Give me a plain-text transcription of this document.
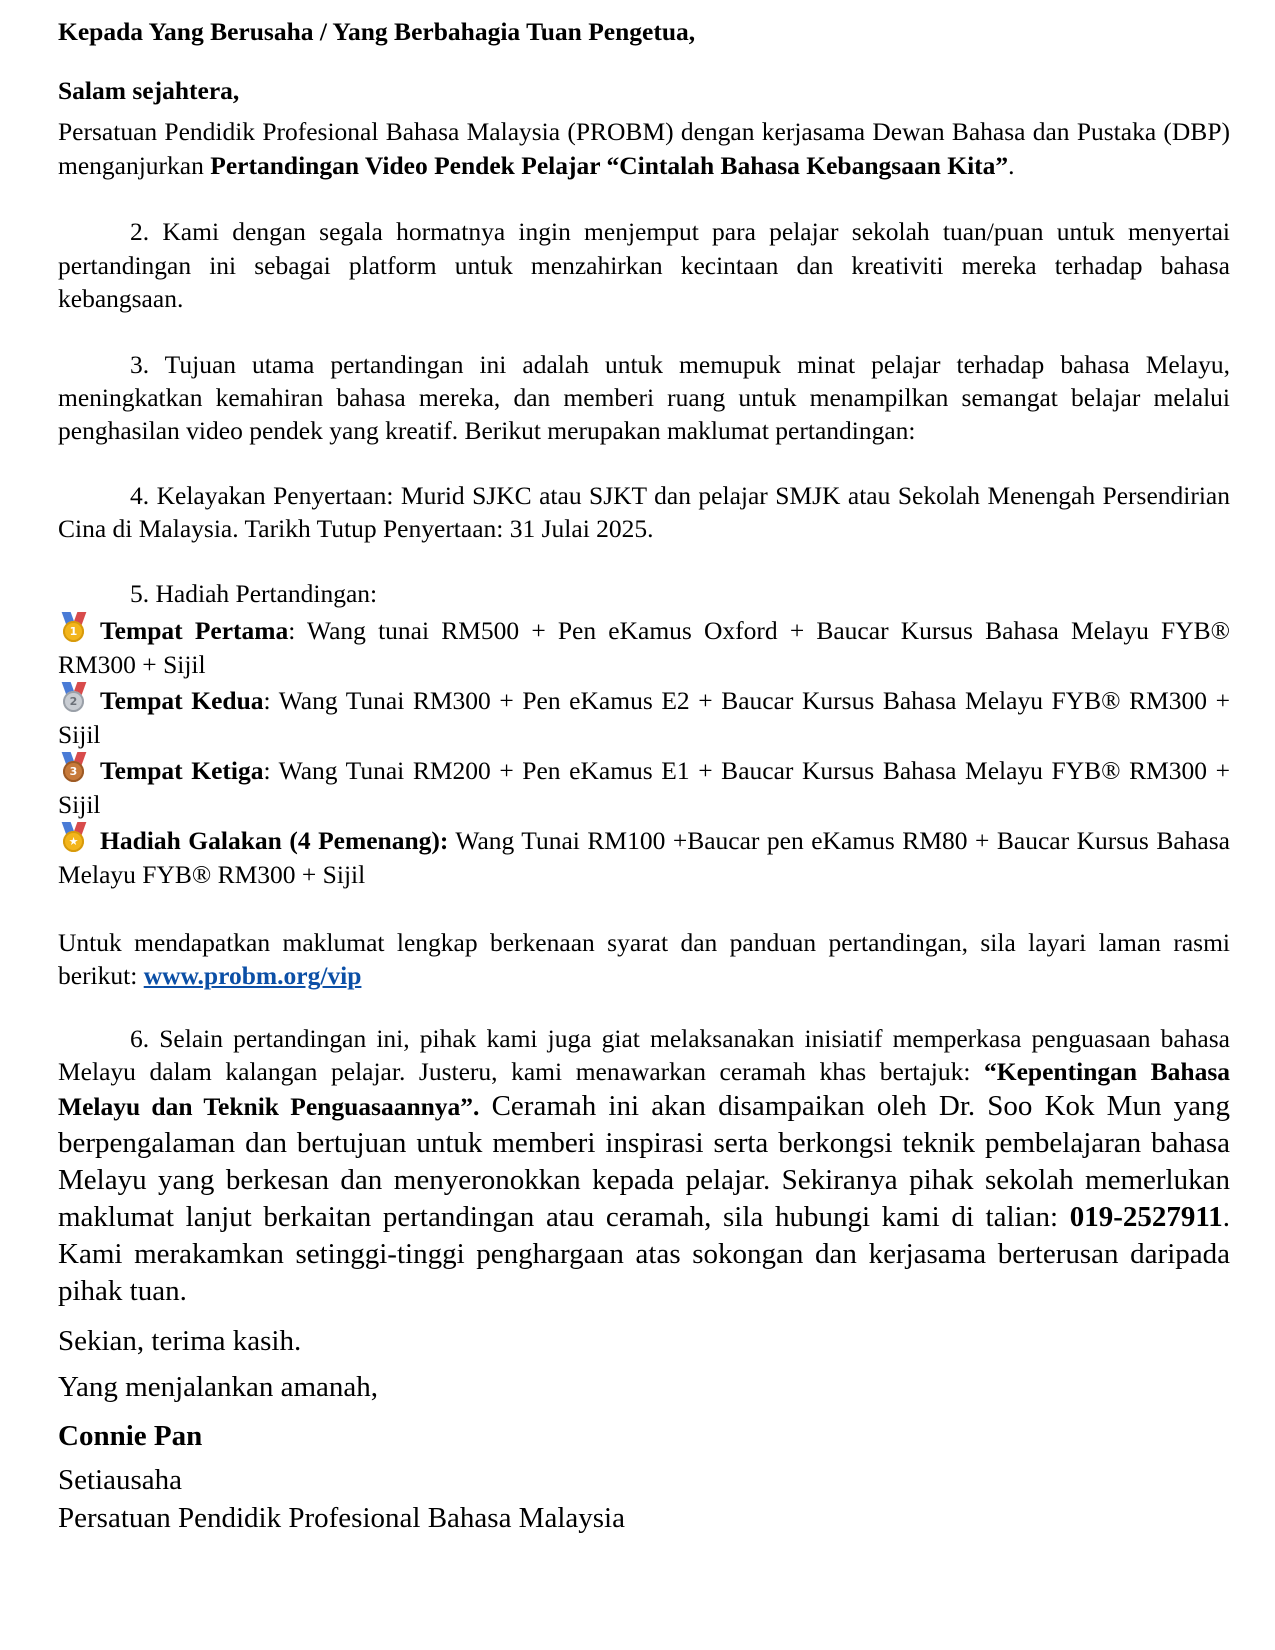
Kepada Yang Berusaha / Yang Berbahagia Tuan Pengetua,

Salam sejahtera,

Persatuan Pendidik Profesional Bahasa Malaysia (PROBM) dengan kerjasama Dewan Bahasa dan Pustaka (DBP) menganjurkan Pertandingan Video Pendek Pelajar “Cintalah Bahasa Kebangsaan Kita”.

2. Kami dengan segala hormatnya ingin menjemput para pelajar sekolah tuan/puan untuk menyertai pertandingan ini sebagai platform untuk menzahirkan kecintaan dan kreativiti mereka terhadap bahasa kebangsaan.

3. Tujuan utama pertandingan ini adalah untuk memupuk minat pelajar terhadap bahasa Melayu, meningkatkan kemahiran bahasa mereka, dan memberi ruang untuk menampilkan semangat belajar melalui penghasilan video pendek yang kreatif. Berikut merupakan maklumat pertandingan:

4. Kelayakan Penyertaan: Murid SJKC atau SJKT dan pelajar SMJK atau Sekolah Menengah Persendirian Cina di Malaysia. Tarikh Tutup Penyertaan: 31 Julai 2025.

5. Hadiah Pertandingan:

1 Tempat Pertama: Wang tunai RM500 + Pen eKamus Oxford + Baucar Kursus Bahasa Melayu FYB® RM300 + Sijil

2 Tempat Kedua: Wang Tunai RM300 + Pen eKamus E2 + Baucar Kursus Bahasa Melayu FYB® RM300 + Sijil

3 Tempat Ketiga: Wang Tunai RM200 + Pen eKamus E1 + Baucar Kursus Bahasa Melayu FYB® RM300 + Sijil

★ Hadiah Galakan (4 Pemenang): Wang Tunai RM100 +Baucar pen eKamus RM80 + Baucar Kursus Bahasa Melayu FYB® RM300 + Sijil

Untuk mendapatkan maklumat lengkap berkenaan syarat dan panduan pertandingan, sila layari laman rasmi berikut: www.probm.org/vip

6. Selain pertandingan ini, pihak kami juga giat melaksanakan inisiatif memperkasa penguasaan bahasa Melayu dalam kalangan pelajar. Justeru, kami menawarkan ceramah khas bertajuk: “Kepentingan Bahasa Melayu dan Teknik Penguasaannya”. Ceramah ini akan disampaikan oleh Dr. Soo Kok Mun yang berpengalaman dan bertujuan untuk memberi inspirasi serta berkongsi teknik pembelajaran bahasa Melayu yang berkesan dan menyeronokkan kepada pelajar. Sekiranya pihak sekolah memerlukan maklumat lanjut berkaitan pertandingan atau ceramah, sila hubungi kami di talian: 019-2527911. Kami merakamkan setinggi-tinggi penghargaan atas sokongan dan kerjasama berterusan daripada pihak tuan.

Sekian, terima kasih.

Yang menjalankan amanah,

Connie Pan

Setiausaha

Persatuan Pendidik Profesional Bahasa Malaysia
